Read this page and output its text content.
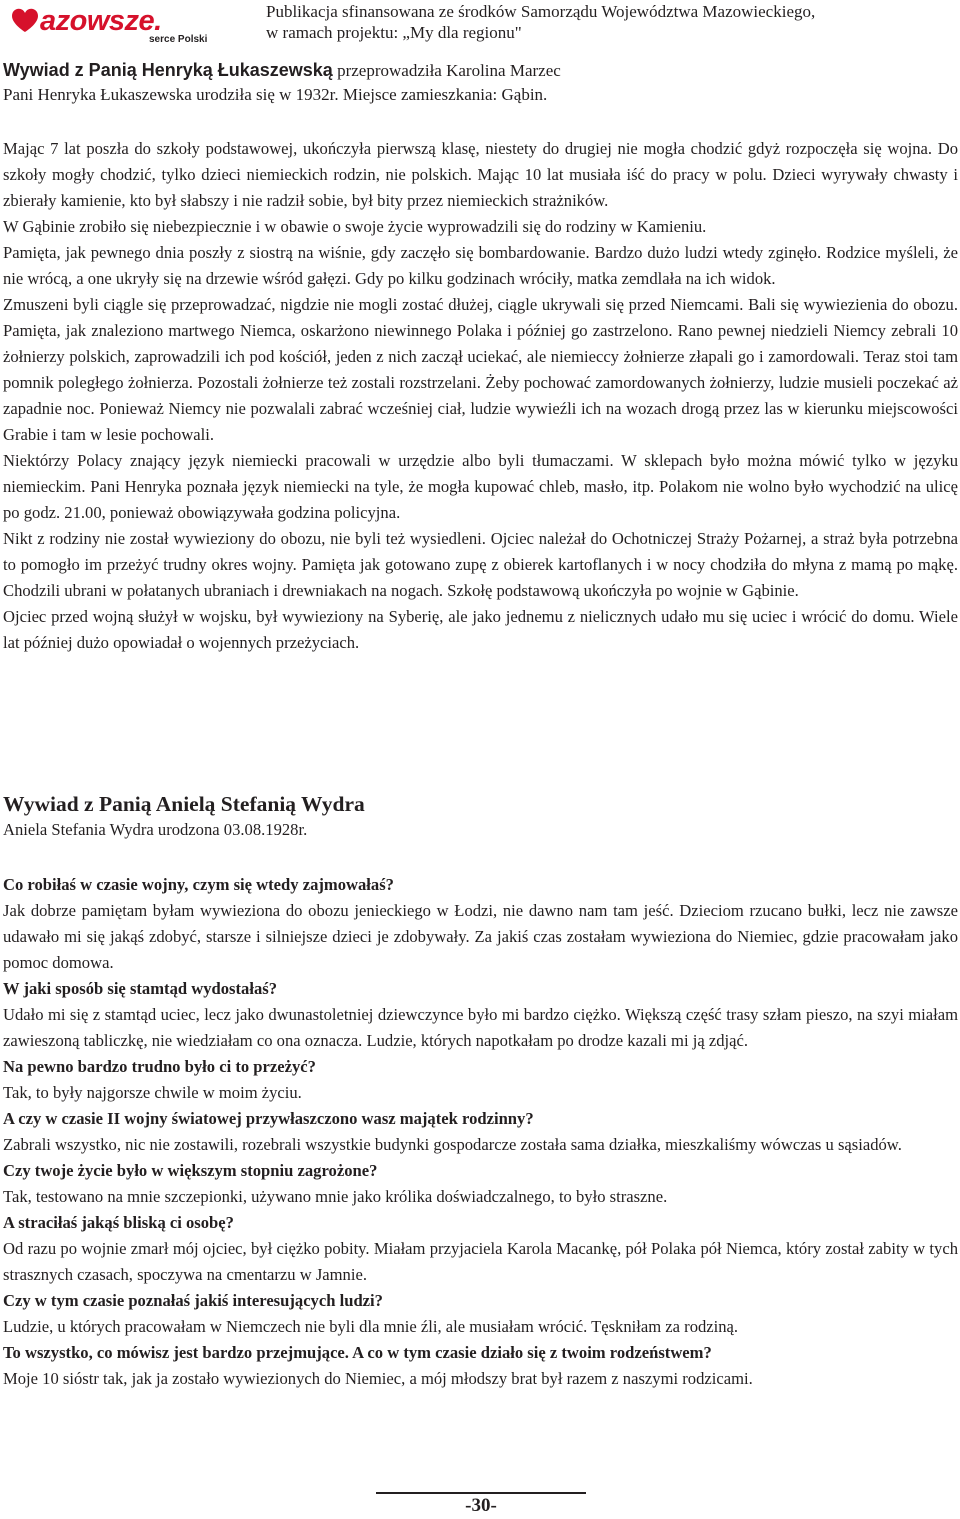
azowsze.
serce Polski
Publikacja sfinansowana ze środków Samorządu Województwa Mazowieckiego,
w ramach projektu: „My dla regionu"
Wywiad z Panią Henryką Łukaszewską przeprowadziła Karolina Marzec
Pani Henryka Łukaszewska urodziła się w 1932r. Miejsce zamieszkania: Gąbin.

Mając 7 lat poszła do szkoły podstawowej, ukończyła pierwszą klasę, niestety do drugiej nie mogła chodzić gdyż rozpoczęła się wojna. Do szkoły mogły chodzić, tylko dzieci niemieckich rodzin, nie polskich. Mając 10 lat musiała iść do pracy w polu. Dzieci wyrywały chwasty i zbierały kamienie, kto był słabszy i nie radził sobie, był bity przez niemieckich strażników.

W Gąbinie zrobiło się niebezpiecznie i w obawie o swoje życie wyprowadzili się do rodziny w Kamieniu.

Pamięta, jak pewnego dnia poszły z siostrą na wiśnie, gdy zaczęło się bombardowanie. Bardzo dużo ludzi wtedy zginęło. Rodzice myśleli, że nie wrócą, a one ukryły się na drzewie wśród gałęzi. Gdy po kilku godzinach wróciły, matka zemdlała na ich widok.

Zmuszeni byli ciągle się przeprowadzać, nigdzie nie mogli zostać dłużej, ciągle ukrywali się przed Niemcami. Bali się wywiezienia do obozu. Pamięta, jak znaleziono martwego Niemca, oskarżono niewinnego Polaka i później go zastrzelono. Rano pewnej niedzieli Niemcy zebrali 10 żołnierzy polskich, zaprowadzili ich pod kościół, jeden z nich zaczął uciekać, ale niemieccy żołnierze złapali go i zamordowali. Teraz stoi tam pomnik poległego żołnierza. Pozostali żołnierze też zostali rozstrzelani. Żeby pochować zamordowanych żołnierzy, ludzie musieli poczekać aż zapadnie noc. Ponieważ Niemcy nie pozwalali zabrać wcześniej ciał, ludzie wywieźli ich na wozach drogą przez las w kierunku miejscowości Grabie i tam w lesie pochowali.

Niektórzy Polacy znający język niemiecki pracowali w urzędzie albo byli tłumaczami. W sklepach było można mówić tylko w języku niemieckim. Pani Henryka poznała język niemiecki na tyle, że mogła kupować chleb, masło, itp. Polakom nie wolno było wychodzić na ulicę po godz. 21.00, ponieważ obowiązywała godzina policyjna.

Nikt z rodziny nie został wywieziony do obozu, nie byli też wysiedleni. Ojciec należał do Ochotniczej Straży Pożarnej, a straż była potrzebna to pomogło im przeżyć trudny okres wojny. Pamięta jak gotowano zupę z obierek kartoflanych i w nocy chodziła do młyna z mamą po mąkę. Chodzili ubrani w połatanych ubraniach i drewniakach na nogach. Szkołę podstawową ukończyła po wojnie w Gąbinie.

Ojciec przed wojną służył w wojsku, był wywieziony na Syberię, ale jako jednemu z nielicznych udało mu się uciec i wrócić do domu. Wiele lat później dużo opowiadał o wojennych przeżyciach.

Wywiad z Panią Anielą Stefanią Wydra

Aniela Stefania Wydra urodzona 03.08.1928r.

Co robiłaś w czasie wojny, czym się wtedy zajmowałaś?

Jak dobrze pamiętam byłam wywieziona do obozu jenieckiego w Łodzi, nie dawno nam tam jeść. Dzieciom rzucano bułki, lecz nie zawsze udawało mi się jakąś zdobyć, starsze i silniejsze dzieci je zdobywały. Za jakiś czas zostałam wywieziona do Niemiec, gdzie pracowałam jako pomoc domowa.

W jaki sposób się stamtąd wydostałaś?

Udało mi się z stamtąd uciec, lecz jako dwunastoletniej dziewczynce było mi bardzo ciężko. Większą część trasy szłam pieszo, na szyi miałam zawieszoną tabliczkę, nie wiedziałam co ona oznacza. Ludzie, których napotkałam po drodze kazali mi ją zdjąć.

Na pewno bardzo trudno było ci to przeżyć?

Tak, to były najgorsze chwile w moim życiu.

A czy w czasie II wojny światowej przywłaszczono wasz majątek rodzinny?

Zabrali wszystko, nic nie zostawili, rozebrali wszystkie budynki gospodarcze została sama działka, mieszkaliśmy wówczas u sąsiadów.

Czy twoje życie było w większym stopniu zagrożone?

Tak, testowano na mnie szczepionki, używano mnie jako królika doświadczalnego, to było straszne.

A straciłaś jakąś bliską ci osobę?

Od razu po wojnie zmarł mój ojciec, był ciężko pobity. Miałam przyjaciela Karola Macankę, pół Polaka pół Niemca, który został zabity w tych strasznych czasach, spoczywa na cmentarzu w Jamnie.

Czy w tym czasie poznałaś jakiś interesujących ludzi?

Ludzie, u których pracowałam w Niemczech nie byli dla mnie źli, ale musiałam wrócić. Tęskniłam za rodziną.

To wszystko, co mówisz jest bardzo przejmujące. A co w tym czasie działo się z twoim rodzeństwem?

Moje 10 sióstr tak, jak ja zostało wywiezionych do Niemiec, a mój młodszy brat był razem z naszymi rodzicami.

-30-
